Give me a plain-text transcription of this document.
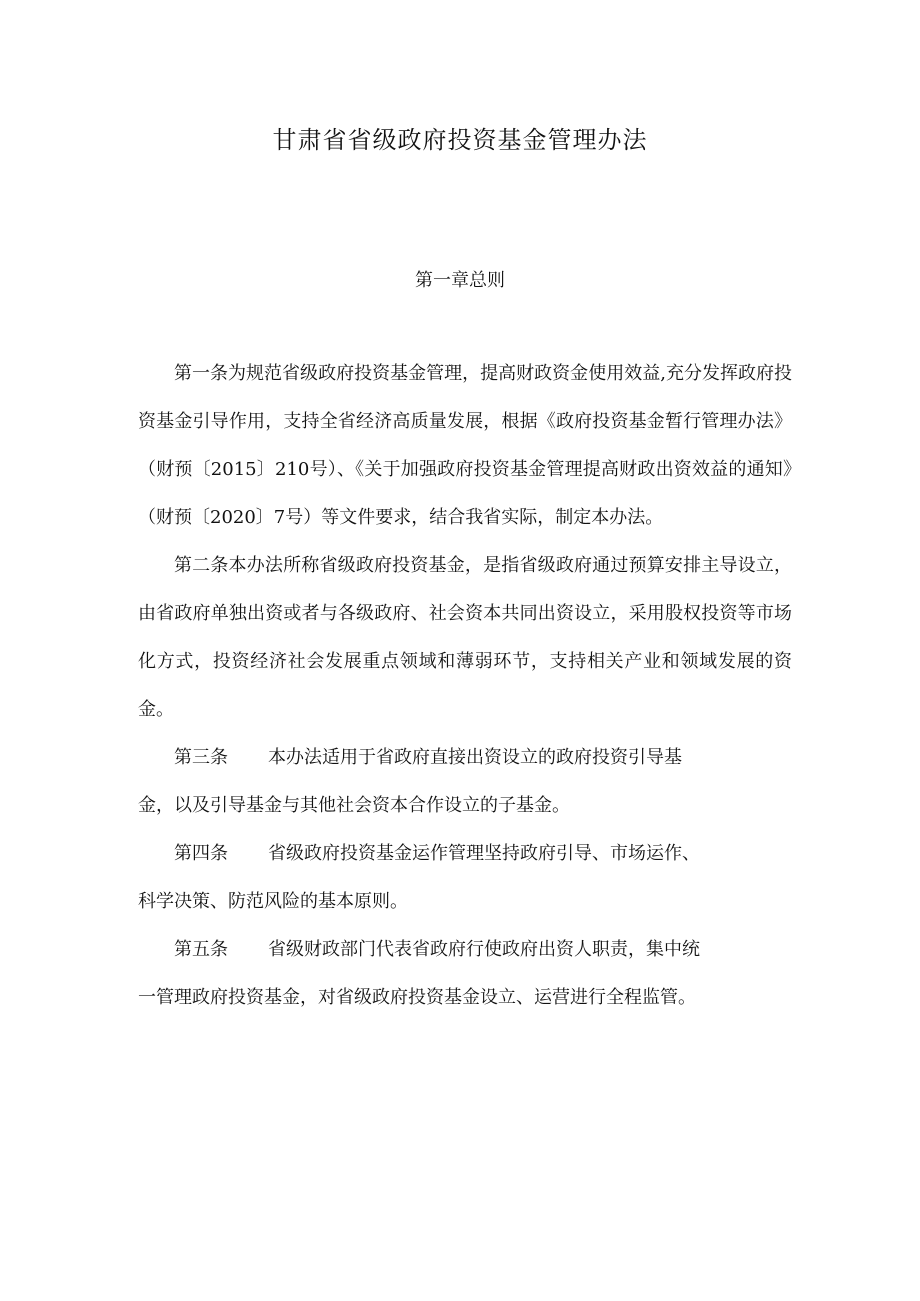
甘肃省省级政府投资基金管理办法
第一章总则

第一条为规范省级政府投资基金管理，提高财政资金使用效益,充分发挥政府投资基金引导作用，支持全省经济高质量发展，根据《政府投资基金暂行管理办法》（财预〔2015〕210号）、《关于加强政府投资基金管理提高财政出资效益的通知》（财预〔2020〕7号）等文件要求，结合我省实际，制定本办法。

第二条本办法所称省级政府投资基金，是指省级政府通过预算安排主导设立，由省政府单独出资或者与各级政府、社会资本共同出资设立，采用股权投资等市场化方式，投资经济社会发展重点领域和薄弱环节，支持相关产业和领域发展的资金。

第三条 本办法适用于省政府直接出资设立的政府投资引导基
金，以及引导基金与其他社会资本合作设立的子基金。
第四条 省级政府投资基金运作管理坚持政府引导、市场运作、
科学决策、防范风险的基本原则。
第五条 省级财政部门代表省政府行使政府出资人职责，集中统
一管理政府投资基金，对省级政府投资基金设立、运营进行全程监管。
